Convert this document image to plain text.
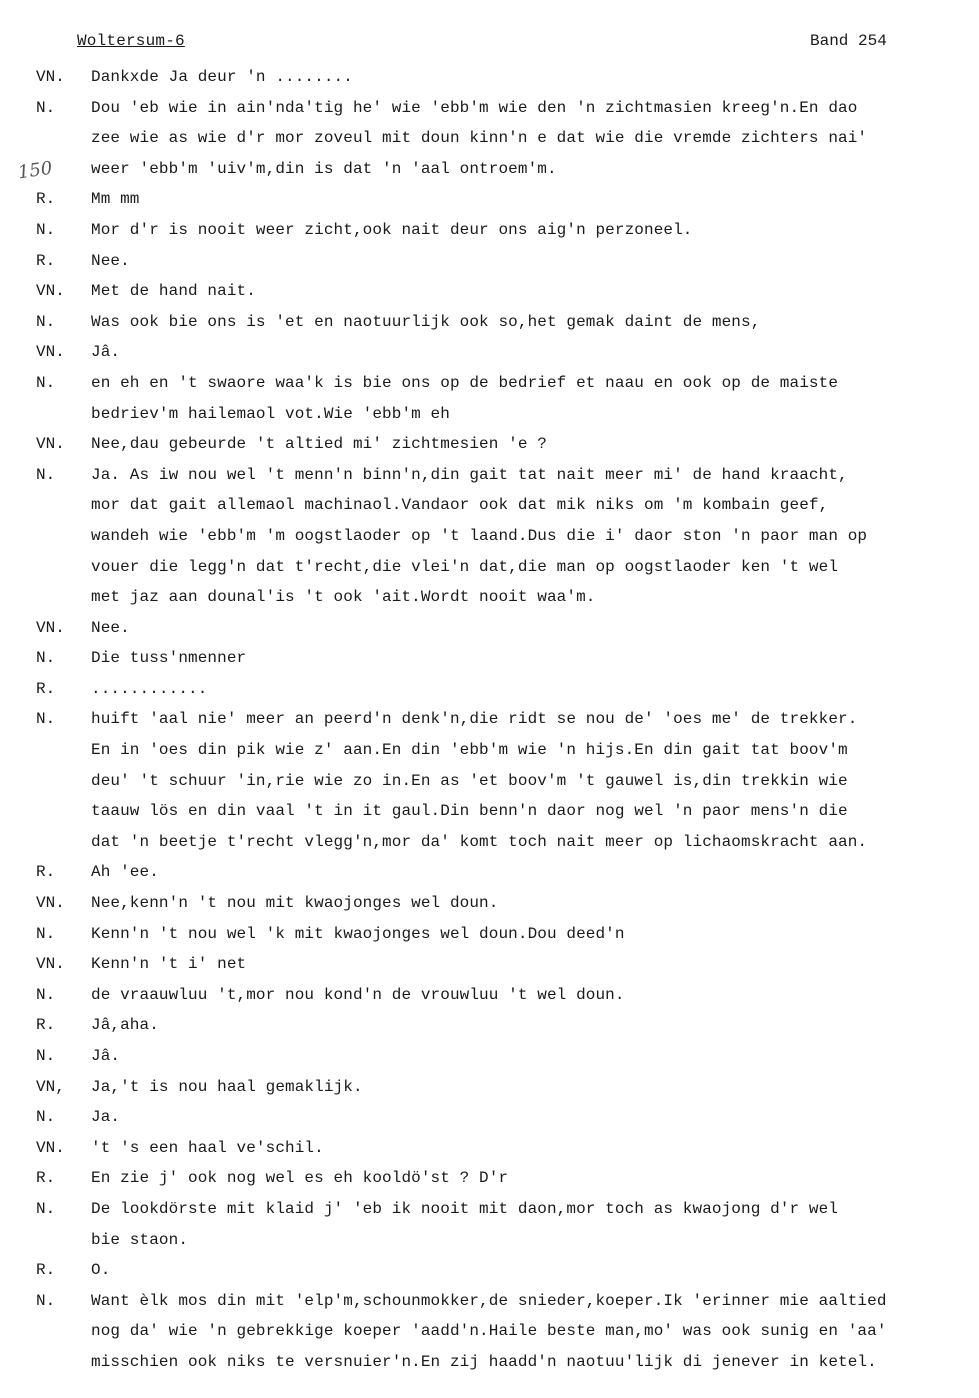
Woltersum-6	Band 254
150
VN.	Dankxde Ja deur 'n ........
N.	Dou 'eb wie in ain'nda'tig he' wie 'ebb'm wie den 'n zichtmasien kreeg'n.En dao
zee wie as wie d'r mor zoveul mit doun kinn'n e dat wie die vremde zichters nai'
weer 'ebb'm 'uiv'm,din is dat 'n 'aal ontroem'm.
R.	Mm mm
N.	Mor d'r is nooit weer zicht,ook nait deur ons aig'n perzoneel.
R.	Nee.
VN.	Met de hand nait.
N.	Was ook bie ons is 'et en naotuurlijk ook so,het gemak daint de mens,
VN.	Jâ.
N.	en eh en 't swaore waa'k is bie ons op de bedrief et naau en ook op de maiste
bedriev'm hailemaol vot.Wie 'ebb'm eh
VN.	Nee,dau gebeurde 't altied mi' zichtmesien 'e ?
N.	Ja. As iw nou wel 't menn'n binn'n,din gait tat nait meer mi' de hand kraacht,
mor dat gait allemaol machinaol.Vandaor ook dat mik niks om 'm kombain geef,
wandeh wie 'ebb'm 'm oogstlaoder op 't laand.Dus die i' daor ston 'n paor man op
vouer die legg'n dat t'recht,die vlei'n dat,die man op oogstlaoder ken 't wel
met jaz aan dounal'is 't ook 'ait.Wordt nooit waa'm.
VN.	Nee.
N.	Die tuss'nmenner
R.	............
N.	huift 'aal nie' meer an peerd'n denk'n,die ridt se nou de' 'oes me' de trekker.
En in 'oes din pik wie z' aan.En din 'ebb'm wie 'n hijs.En din gait tat boov'm
deu' 't schuur 'in,rie wie zo in.En as 'et boov'm 't gauwel is,din trekkin wie
taauw lös en din vaal 't in it gaul.Din benn'n daor nog wel 'n paor mens'n die
dat 'n beetje t'recht vlegg'n,mor da' komt toch nait meer op lichaomskracht aan.
R.	Ah 'ee.
VN.	Nee,kenn'n 't nou mit kwaojonges wel doun.
N.	Kenn'n 't nou wel 'k mit kwaojonges wel doun.Dou deed'n
VN.	Kenn'n 't i' net
N.	de vraauwluu 't,mor nou kond'n de vrouwluu 't wel doun.
R.	Jâ,aha.
N.	Jâ.
VN,	Ja,'t is nou haal gemaklijk.
N.	Ja.
VN.	't 's een haal ve'schil.
R.	En zie j' ook nog wel es eh kooldö'st ? D'r
N.	De lookdörste mit klaid j' 'eb ik nooit mit daon,mor toch as kwaojong d'r wel
bie staon.
R.	O.
N.	Want èlk mos din mit 'elp'm,schounmokker,de snieder,koeper.Ik 'erinner mie aaltied
nog da' wie 'n gebrekkige koeper 'aadd'n.Haile beste man,mo' was ook sunig en 'aa'
misschien ook niks te versnuier'n.En zij haadd'n naotuu'lijk di jenever in ketel.
